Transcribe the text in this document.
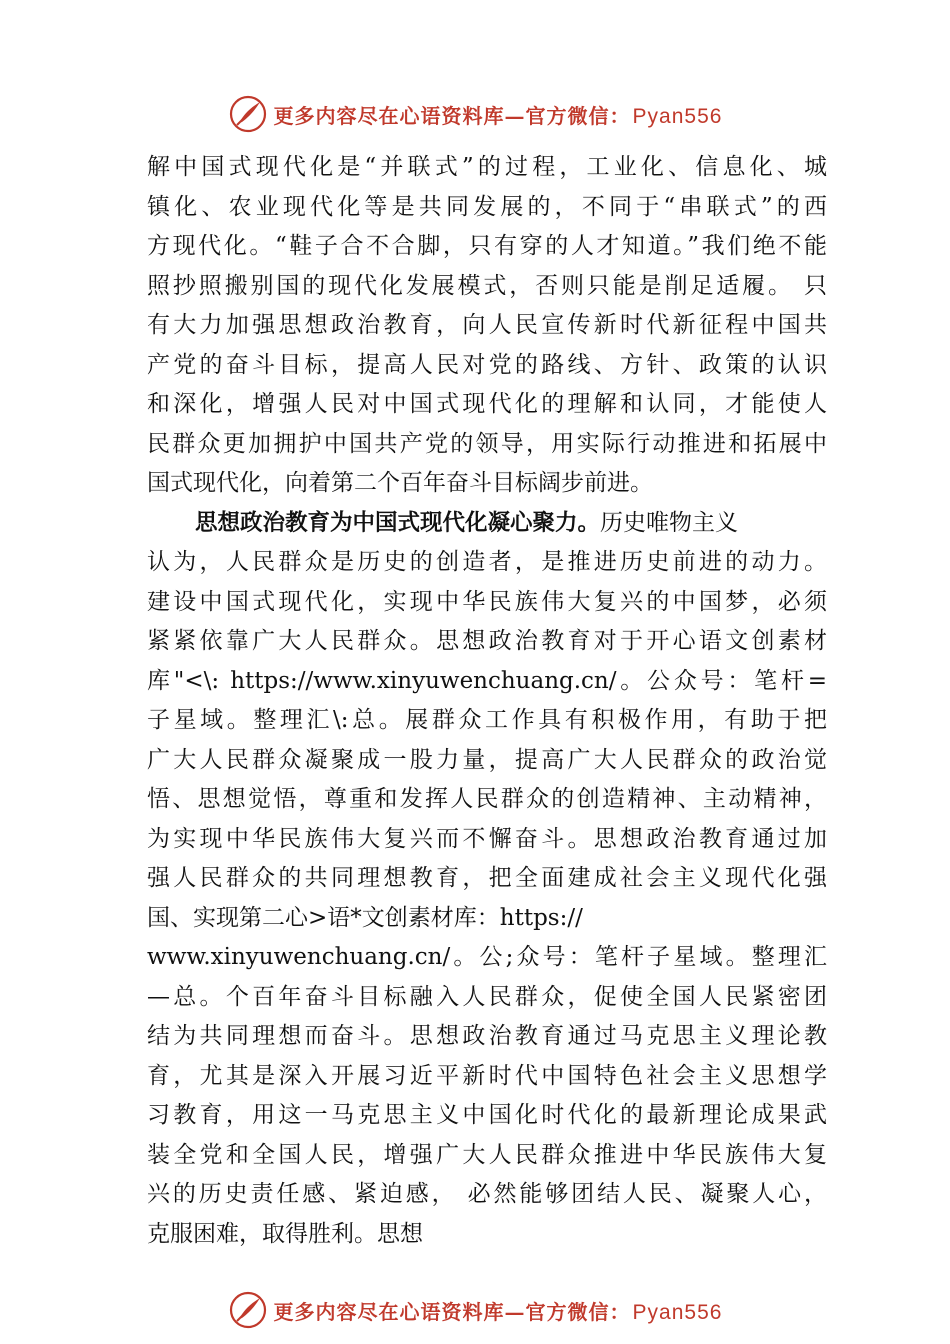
更多内容尽在心语资料库—官方微信：Pyan556
解中国式现代化是“并联式”的过程，工业化、信息化、城
镇化、农业现代化等是共同发展的，不同于“串联式”的西
方现代化。“鞋子合不合脚，只有穿的人才知道。”我们绝不能
照抄照搬别国的现代化发展模式，否则只能是削足适履。 只
有大力加强思想政治教育，向人民宣传新时代新征程中国共
产党的奋斗目标，提高人民对党的路线、方针、政策的认识
和深化，增强人民对中国式现代化的理解和认同，才能使人
民群众更加拥护中国共产党的领导，用实际行动推进和拓展中
国式现代化，向着第二个百年奋斗目标阔步前进。
思想政治教育为中国式现代化凝心聚力。历史唯物主义
认为，人民群众是历史的创造者，是推进历史前进的动力。
建设中国式现代化，实现中华民族伟大复兴的中国梦，必须
紧紧依靠广大人民群众。思想政治教育对于开心语文创素材
库"<\: https://www.xinyuwenchuang.cn/。公众号：笔杆=
子星域。整理汇\:总。展群众工作具有积极作用，有助于把
广大人民群众凝聚成一股力量，提高广大人民群众的政治觉
悟、思想觉悟，尊重和发挥人民群众的创造精神、主动精神，
为实现中华民族伟大复兴而不懈奋斗。思想政治教育通过加
强人民群众的共同理想教育，把全面建成社会主义现代化强
国、实现第二心>语*文创素材库：https://
www.xinyuwenchuang.cn/。公;众号：笔杆子星域。整理汇
—总。个百年奋斗目标融入人民群众，促使全国人民紧密团
结为共同理想而奋斗。思想政治教育通过马克思主义理论教
育，尤其是深入开展习近平新时代中国特色社会主义思想学
习教育，用这一马克思主义中国化时代化的最新理论成果武
装全党和全国人民，增强广大人民群众推进中华民族伟大复
兴的历史责任感、紧迫感， 必然能够团结人民、凝聚人心，
克服困难，取得胜利。思想
更多内容尽在心语资料库—官方微信：Pyan556
